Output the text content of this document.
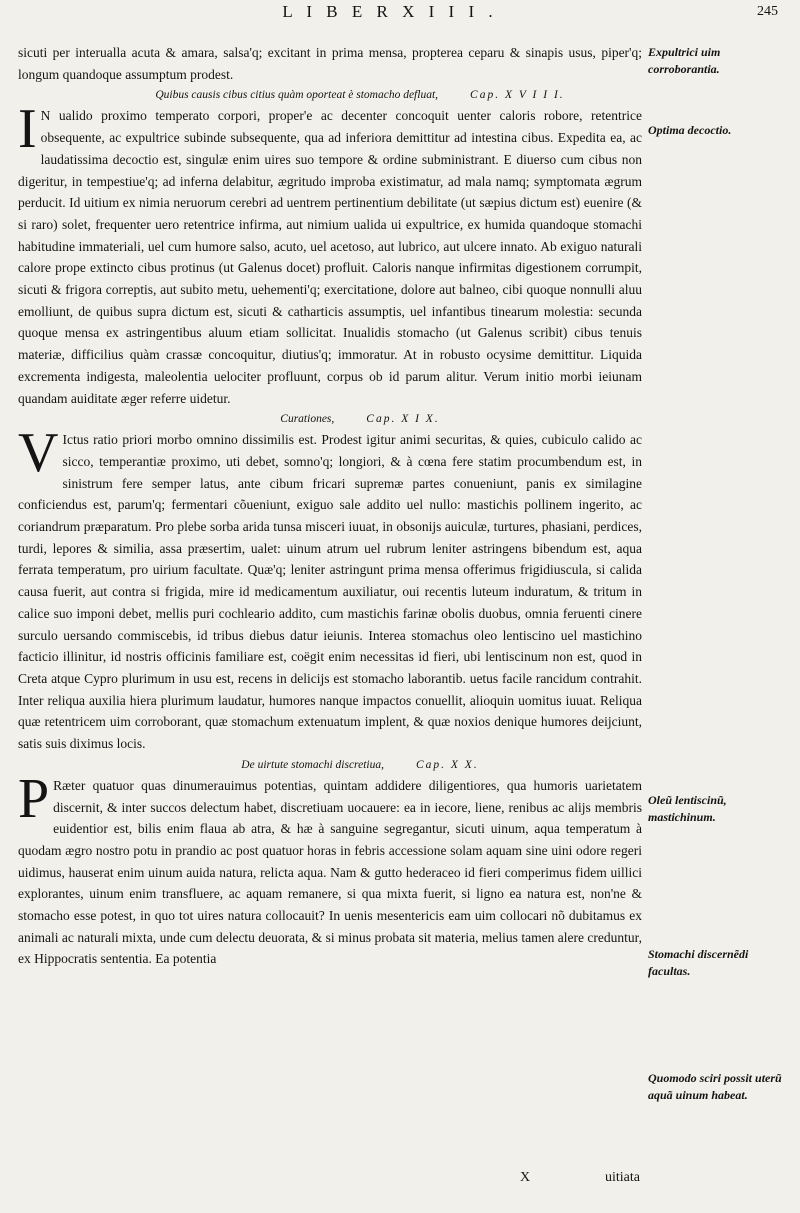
L I B E R X I I I .	245

sicuti per interualla acuta & amara, salsa'q; excitant in prima mensa, propterea ceparu & sinapis usus, piper'q; longum quandoque assumptum prodest.

Quibus causis cibus citius quàm oporteat è stomacho defluat,	Cap. X V I I I.

I N ualido proximo temperato corpori, proper'e ac decenter concoquit uenter caloris robore, retentrice obsequente, ac expultrice subinde subsequente, qua ad inferiora demittitur ad intestina cibus. Expedita ea, ac laudatissima decoctio est, singulæ enim uires suo tempore & ordine subministrant. E diuerso cum cibus non digeritur, in tempestiue'q; ad inferna delabitur, ægritudo improba existimatur, ad mala namq; symptomata ægrum perducit. Id uitium ex nimia neruorum cerebri ad uentrem pertinentium debilitate (ut sæpius dictum est) euenire (& si raro) solet, frequenter uero retentrice infirma, aut nimium ualida ui expultrice, ex humida quandoque stomachi habitudine immateriali, uel cum humore salso, acuto, uel acetoso, aut lubrico, aut ulcere innato. Ab exiguo naturali calore prope extincto cibus protinus (ut Galenus docet) profluit. Caloris nanque infirmitas digestionem corrumpit, sicuti & frigora correptis, aut subito metu, uehementi'q; exercitatione, dolore aut balneo, cibi quoque nonnulli aluu emolliunt, de quibus supra dictum est, sicuti & catharticis assumptis, uel infantibus tinearum molestia: secunda quoque mensa ex astringentibus aluum etiam sollicitat. Inualidis stomacho (ut Galenus scribit) cibus tenuis materiæ, difficilius quàm crassæ concoquitur, diutius'q; immoratur. At in robusto ocysime demittitur. Liquida excrementa indigesta, maleolentia uelociter profluunt, corpus ob id parum alitur. Verum initio morbi ieiunam quandam auiditate æger referre uidetur.

Curationes,	Cap. X I X.

V Ictus ratio priori morbo omnino dissimilis est. Prodest igitur animi securitas, & quies, cubiculo calido ac sicco, temperantiæ proximo, uti debet, somno'q; longiori, & à cœna fere statim procumbendum est, in sinistrum fere semper latus, ante cibum fricari supremæ partes conueniunt, panis ex similagine conficiendus est, parum'q; fermentari cõueniunt, exiguo sale addito uel nullo: mastichis pollinem ingerito, ac coriandrum præparatum. Pro plebe sorba arida tunsa misceri iuuat, in obsonijs auiculæ, turtures, phasiani, perdices, turdi, lepores & similia, assa præsertim, ualet: uinum atrum uel rubrum leniter astringens bibendum est, aqua ferrata temperatum, pro uirium facultate. Quæ'q; leniter astringunt prima mensa offerimus frigidiuscula, si calida causa fuerit, aut contra si frigida, mire id medicamentum auxiliatur, oui recentis luteum induratum, & tritum in calice suo imponi debet, mellis puri cochleario addito, cum mastichis farinæ obolis duobus, omnia feruenti cinere surculo uersando commiscebis, id tribus diebus datur ieiunis. Interea stomachus oleo lentiscino uel mastichino facticio illinitur, id nostris officinis familiare est, coëgit enim necessitas id fieri, ubi lentiscinum non est, quod in Creta atque Cypro plurimum in usu est, recens in delicijs est stomacho laborantib. uetus facile rancidum contrahit. Inter reliqua auxilia hiera plurimum laudatur, humores nanque impactos conuellit, alioquin uomitus iuuat. Reliqua quæ retentricem uim corroborant, quæ stomachum extenuatum implent, & quæ noxios denique humores deijciunt, satis suis diximus locis.

De uirtute stomachi discretiua,	Cap. X X.

P Ræter quatuor quas dinumerauimus potentias, quintam addidere diligentiores, qua humoris uarietatem discernit, & inter succos delectum habet, discretiuam uocauere: ea in iecore, liene, renibus ac alijs membris euidentior est, bilis enim flaua ab atra, & hæ à sanguine segregantur, sicuti uinum, aqua temperatum à quodam ægro nostro potu in prandio ac post quatuor horas in febris accessione solam aquam sine uini odore regeri uidimus, hauserat enim uinum auida natura, relicta aqua. Nam & gutto hederaceo id fieri comperimus fidem uillici explorantes, uinum enim transfluere, ac aquam remanere, si qua mixta fuerit, si ligno ea natura est, non'ne & stomacho esse potest, in quo tot uires natura collocauit? In uenis mesentericis eam uim collocari nõ dubitamus ex animali ac naturali mixta, unde cum delectu deuorata, & si minus probata sit materia, melius tamen alere creduntur, ex Hippocratis sententia. Ea potentia

Expultrici uim corroborantia.
Optima decoctio.
Oleũ lentiscinũ, mastichinum.
Stomachi discernẽdi facultas.
Quomodo sciri possit uterũ aquã uinum habeat.
X	uitiata
